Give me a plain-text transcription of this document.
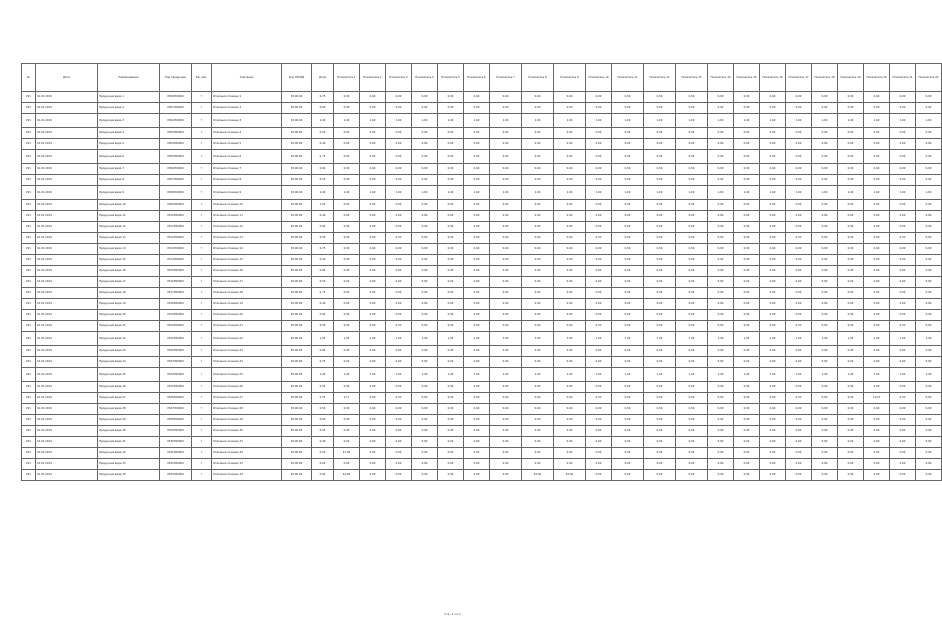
№	Дата	Наименование	Код продукции	Ед. изм.	Описание	Код ОКПД2	Доля	Показатель 1	Показатель 2	Показатель 3	Показатель 4	Показатель 5	Показатель 6	Показатель 7	Показатель 8	Показатель 9	Показатель 10	Показатель 11	Показатель 12	Показатель 13	Показатель 14	Показатель 15	Показатель 16	Показатель 17	Показатель 18	Показатель 19	Показатель 20	Показатель 21	Показатель 22
201	01.01.2019	Продукция вида 1	0500050000	т	Описание позиции 1	03.00.00	0,75	0,00	0,00	0,00	0,00	0,00	0,00	0,00	0,00	0,00	0,00	0,00	0,00	0,00	0,00	0,00	0,00	0,00	0,00	0,00	0,00	0,00	0,00
201	01.01.2019	Продукция вида 2	0501050000	т	Описание позиции 2	03.00.00	0,60	0,00	0,00	0,00	0,00	0,00	0,00	0,00	0,00	0,00	0,00	0,00	0,00	0,00	0,00	0,00	0,00	0,00	0,00	0,00	0,00	0,00	0,00
201	01.01.2019	Продукция вида 3	0502050000	т	Описание позиции 3	03.00.00	1,00	1,00	1,00	1,00	1,00	1,00	1,00	1,00	1,00	1,00	1,00	1,00	1,00	1,00	1,00	1,00	1,00	1,00	1,00	1,00	1,00	1,00	1,00
201	01.01.2019	Продукция вида 4	0503050000	т	Описание позиции 4	03.00.00	0,50	0,00	0,00	0,00	0,00	0,00	0,00	0,00	0,00	0,00	0,00	0,00	0,00	0,00	0,00	0,00	0,00	0,00	0,00	0,00	0,00	0,00	0,00
201	01.01.2019	Продукция вида 5	0504050000	т	Описание позиции 5	03.00.00	0,40	0,00	0,00	0,00	0,00	0,00	0,00	0,00	0,00	0,00	0,00	0,00	0,00	0,00	0,00	0,00	0,00	0,00	0,00	0,00	0,00	0,00	0,00
201	01.01.2019	Продукция вида 6	0505050000	т	Описание позиции 6	03.00.00	0,75	0,00	0,00	0,00	0,00	0,00	0,00	0,00	0,00	0,00	0,00	0,00	0,00	0,00	0,00	0,00	0,00	0,00	0,00	0,00	0,00	0,00	0,00
201	01.01.2019	Продукция вида 7	0506050000	т	Описание позиции 7	03.00.00	0,60	0,00	0,00	0,00	0,00	0,00	0,00	0,00	0,00	0,00	0,00	0,00	0,00	0,00	0,00	0,00	0,00	0,00	0,00	0,00	0,00	0,00	0,00
201	01.01.2019	Продукция вида 8	0507050000	т	Описание позиции 8	03.00.00	0,50	0,00	0,00	0,00	0,00	0,00	0,00	0,00	0,00	0,00	0,00	0,00	0,00	0,00	0,00	0,00	0,00	0,00	0,00	0,00	0,00	0,00	0,00
201	01.01.2019	Продукция вида 9	0508050000	т	Описание позиции 9	03.00.00	1,00	1,00	1,00	1,00	1,00	1,00	1,00	1,00	1,00	1,00	1,00	1,00	1,00	1,00	1,00	1,00	1,00	1,00	1,00	1,00	1,00	1,00	1,00
201	01.01.2019	Продукция вида 10	0509050000	т	Описание позиции 10	03.00.00	1,00	0,00	0,00	0,00	0,00	0,00	0,00	0,00	0,00	0,00	0,00	0,00	0,00	0,00	0,00	0,00	0,00	0,00	0,00	0,00	0,00	0,00	0,00
201	01.01.2019	Продукция вида 11	0510050000	т	Описание позиции 11	03.00.00	0,40	0,00	0,00	0,00	0,00	0,00	0,00	0,00	0,00	0,00	0,00	0,00	0,00	0,00	0,00	0,00	0,00	0,00	0,00	0,00	0,00	0,00	0,00
201	01.01.2019	Продукция вида 12	0511050000	т	Описание позиции 12	03.00.00	0,60	0,00	0,00	0,00	0,00	0,00	0,00	0,00	0,00	0,00	0,00	0,00	0,00	0,00	0,00	0,00	0,00	0,00	0,00	0,00	0,00	0,00	0,00
201	01.01.2019	Продукция вида 13	0512050000	т	Описание позиции 13	03.00.00	0,50	0,00	0,00	0,00	0,00	0,00	0,00	0,00	0,00	0,00	0,00	0,00	0,00	0,00	0,00	0,00	0,00	0,00	0,00	0,00	0,00	0,00	0,00
201	01.01.2019	Продукция вида 14	0513050000	т	Описание позиции 14	03.00.00	0,75	0,00	0,00	0,00	0,00	0,00	0,00	0,00	0,00	0,00	0,00	0,00	0,00	0,00	0,00	0,00	0,00	0,00	0,00	0,00	0,00	0,00	0,00
201	01.01.2019	Продукция вида 15	0514050000	т	Описание позиции 15	03.00.00	0,40	0,00	0,00	0,00	0,00	0,00	0,00	0,00	0,00	0,00	0,00	0,00	0,00	0,00	0,00	0,00	0,00	0,00	0,00	0,00	0,00	0,00	0,00
201	01.01.2019	Продукция вида 16	0515050000	т	Описание позиции 16	03.00.00	0,60	0,00	0,00	0,00	0,00	0,00	0,00	0,00	0,00	0,00	0,00	0,00	0,00	0,00	0,00	0,00	0,00	0,00	0,00	0,00	0,00	0,00	0,00
201	01.01.2019	Продукция вида 17	0516050000	т	Описание позиции 17	03.00.00	0,50	0,00	0,00	0,00	0,00	0,00	0,00	0,00	0,00	0,00	0,00	0,00	0,00	0,00	0,00	0,00	0,00	0,00	0,00	0,00	0,00	0,00	0,00
201	01.01.2019	Продукция вида 18	0517050000	т	Описание позиции 18	03.00.00	0,75	0,00	0,00	0,00	0,00	0,00	0,00	0,00	0,00	0,00	0,00	0,00	0,00	0,00	0,00	0,00	0,00	0,00	0,00	0,00	0,00	0,00	0,00
201	01.01.2019	Продукция вида 19	0518050000	т	Описание позиции 19	03.00.00	0,40	0,00	0,00	0,00	0,00	0,00	0,00	0,00	0,00	0,00	0,00	0,00	0,00	0,00	0,00	0,00	0,00	0,00	0,00	0,00	0,00	0,00	0,00
201	01.01.2019	Продукция вида 20	0519050000	т	Описание позиции 20	03.00.00	0,60	0,00	0,00	0,00	0,00	0,00	0,00	0,00	0,00	0,00	0,00	0,00	0,00	0,00	0,00	0,00	0,00	0,00	0,00	0,00	0,00	0,00	0,00
201	01.01.2019	Продукция вида 21	0520050000	т	Описание позиции 21	03.00.00	0,50	0,00	0,00	0,00	0,00	0,00	0,00	0,00	0,00	0,00	0,00	0,00	0,00	0,00	0,00	0,00	0,00	0,00	0,00	0,00	0,00	0,00	0,00
201	01.01.2019	Продукция вида 22	0521050000	т	Описание позиции 22	03.00.00	1,00	1,00	1,00	1,00	1,00	1,00	1,00	1,00	1,00	1,00	1,00	1,00	1,00	1,00	1,00	1,00	1,00	1,00	1,00	1,00	1,00	1,00	1,00
201	01.01.2019	Продукция вида 23	0522050000	т	Описание позиции 23	03.00.00	0,60	0,00	0,00	0,00	0,00	0,00	0,00	0,00	0,00	0,00	0,00	0,00	0,00	0,00	0,00	0,00	0,00	0,00	0,00	0,00	0,00	0,00	0,00
201	01.01.2019	Продукция вида 24	0523050000	т	Описание позиции 24	03.00.00	0,75	0,00	0,00	0,00	0,00	0,00	0,00	0,00	0,00	0,00	0,00	0,00	0,00	0,00	0,00	0,00	0,00	0,00	0,00	0,00	0,00	0,00	0,00
201	01.01.2019	Продукция вида 25	0524050000	т	Описание позиции 25	03.00.00	1,00	1,00	1,00	1,00	1,00	1,00	1,00	1,00	1,00	1,00	1,00	1,00	1,00	1,00	1,00	1,00	1,00	1,00	1,00	1,00	1,00	1,00	1,00
201	01.01.2019	Продукция вида 26	0525050000	т	Описание позиции 26	03.00.00	0,50	0,00	0,00	0,00	0,00	0,00	0,00	0,00	0,00	0,00	0,00	0,00	0,00	0,00	0,00	0,00	0,00	0,00	0,00	0,00	0,00	0,00	0,00
201	01.01.2019	Продукция вида 27	0526050000	т	Описание позиции 27	03.00.00	0,75	11,7	0,00	0,00	0,00	0,00	0,00	0,00	0,00	0,00	0,00	0,00	0,00	0,00	0,00	0,00	0,00	0,00	0,00	0,00	112,5	0,00	0,00
201	01.01.2019	Продукция вида 28	0527050000	т	Описание позиции 28	03.00.00	0,50	0,00	0,00	0,00	0,00	0,00	0,00	0,00	0,00	0,00	0,00	0,00	0,00	0,00	0,00	0,00	0,00	0,00	0,00	0,00	0,00	0,00	0,00
201	01.01.2019	Продукция вида 29	0528050000	т	Описание позиции 29	03.00.00	0,60	0,00	0,00	0,00	0,00	0,00	0,00	0,00	0,00	0,00	0,00	0,00	0,00	0,00	0,00	0,00	0,00	0,00	0,00	0,00	0,00	0,00	0,00
201	01.01.2019	Продукция вида 30	0529050000	т	Описание позиции 30	03.00.00	0,50	0,00	0,00	0,00	0,00	0,00	0,00	0,00	0,00	0,00	0,00	0,00	0,00	0,00	0,00	0,00	0,00	0,00	0,00	0,00	0,00	0,00	0,00
201	01.01.2019	Продукция вида 31	0530050000	т	Описание позиции 31	03.00.00	0,40	0,00	0,00	0,00	0,00	0,00	0,00	0,00	0,00	0,00	0,00	0,00	0,00	0,00	0,00	0,00	0,00	0,00	0,00	0,00	0,00	0,00	0,00
201	01.01.2019	Продукция вида 32	0531050000	т	Описание позиции 32	03.00.00	0,50	47,00	0,00	0,00	0,00	0,00	0,00	0,00	0,00	0,00	0,00	0,00	0,00	0,00	0,00	0,00	0,00	0,00	0,00	0,00	0,00	0,00	0,00
201	01.01.2019	Продукция вида 33	0532050000	т	Описание позиции 33	03.00.00	0,60	0,00	0,00	0,00	0,00	0,00	0,00	0,00	0,00	0,00	0,00	0,00	0,00	0,00	0,00	0,00	0,00	0,00	0,00	0,00	0,00	0,00	0,00
201	01.01.2019	Продукция вида 34	0533050000	т	Описание позиции 34	03.00.00	0,60	44,00	0,00	0,00	0,00	0,00	0,00	0,00	44,00	44,00	0,00	0,00	0,00	0,00	0,00	0,00	0,00	0,00	0,00	0,00	0,00	0,00	0,00
Стр. 1 из 1
